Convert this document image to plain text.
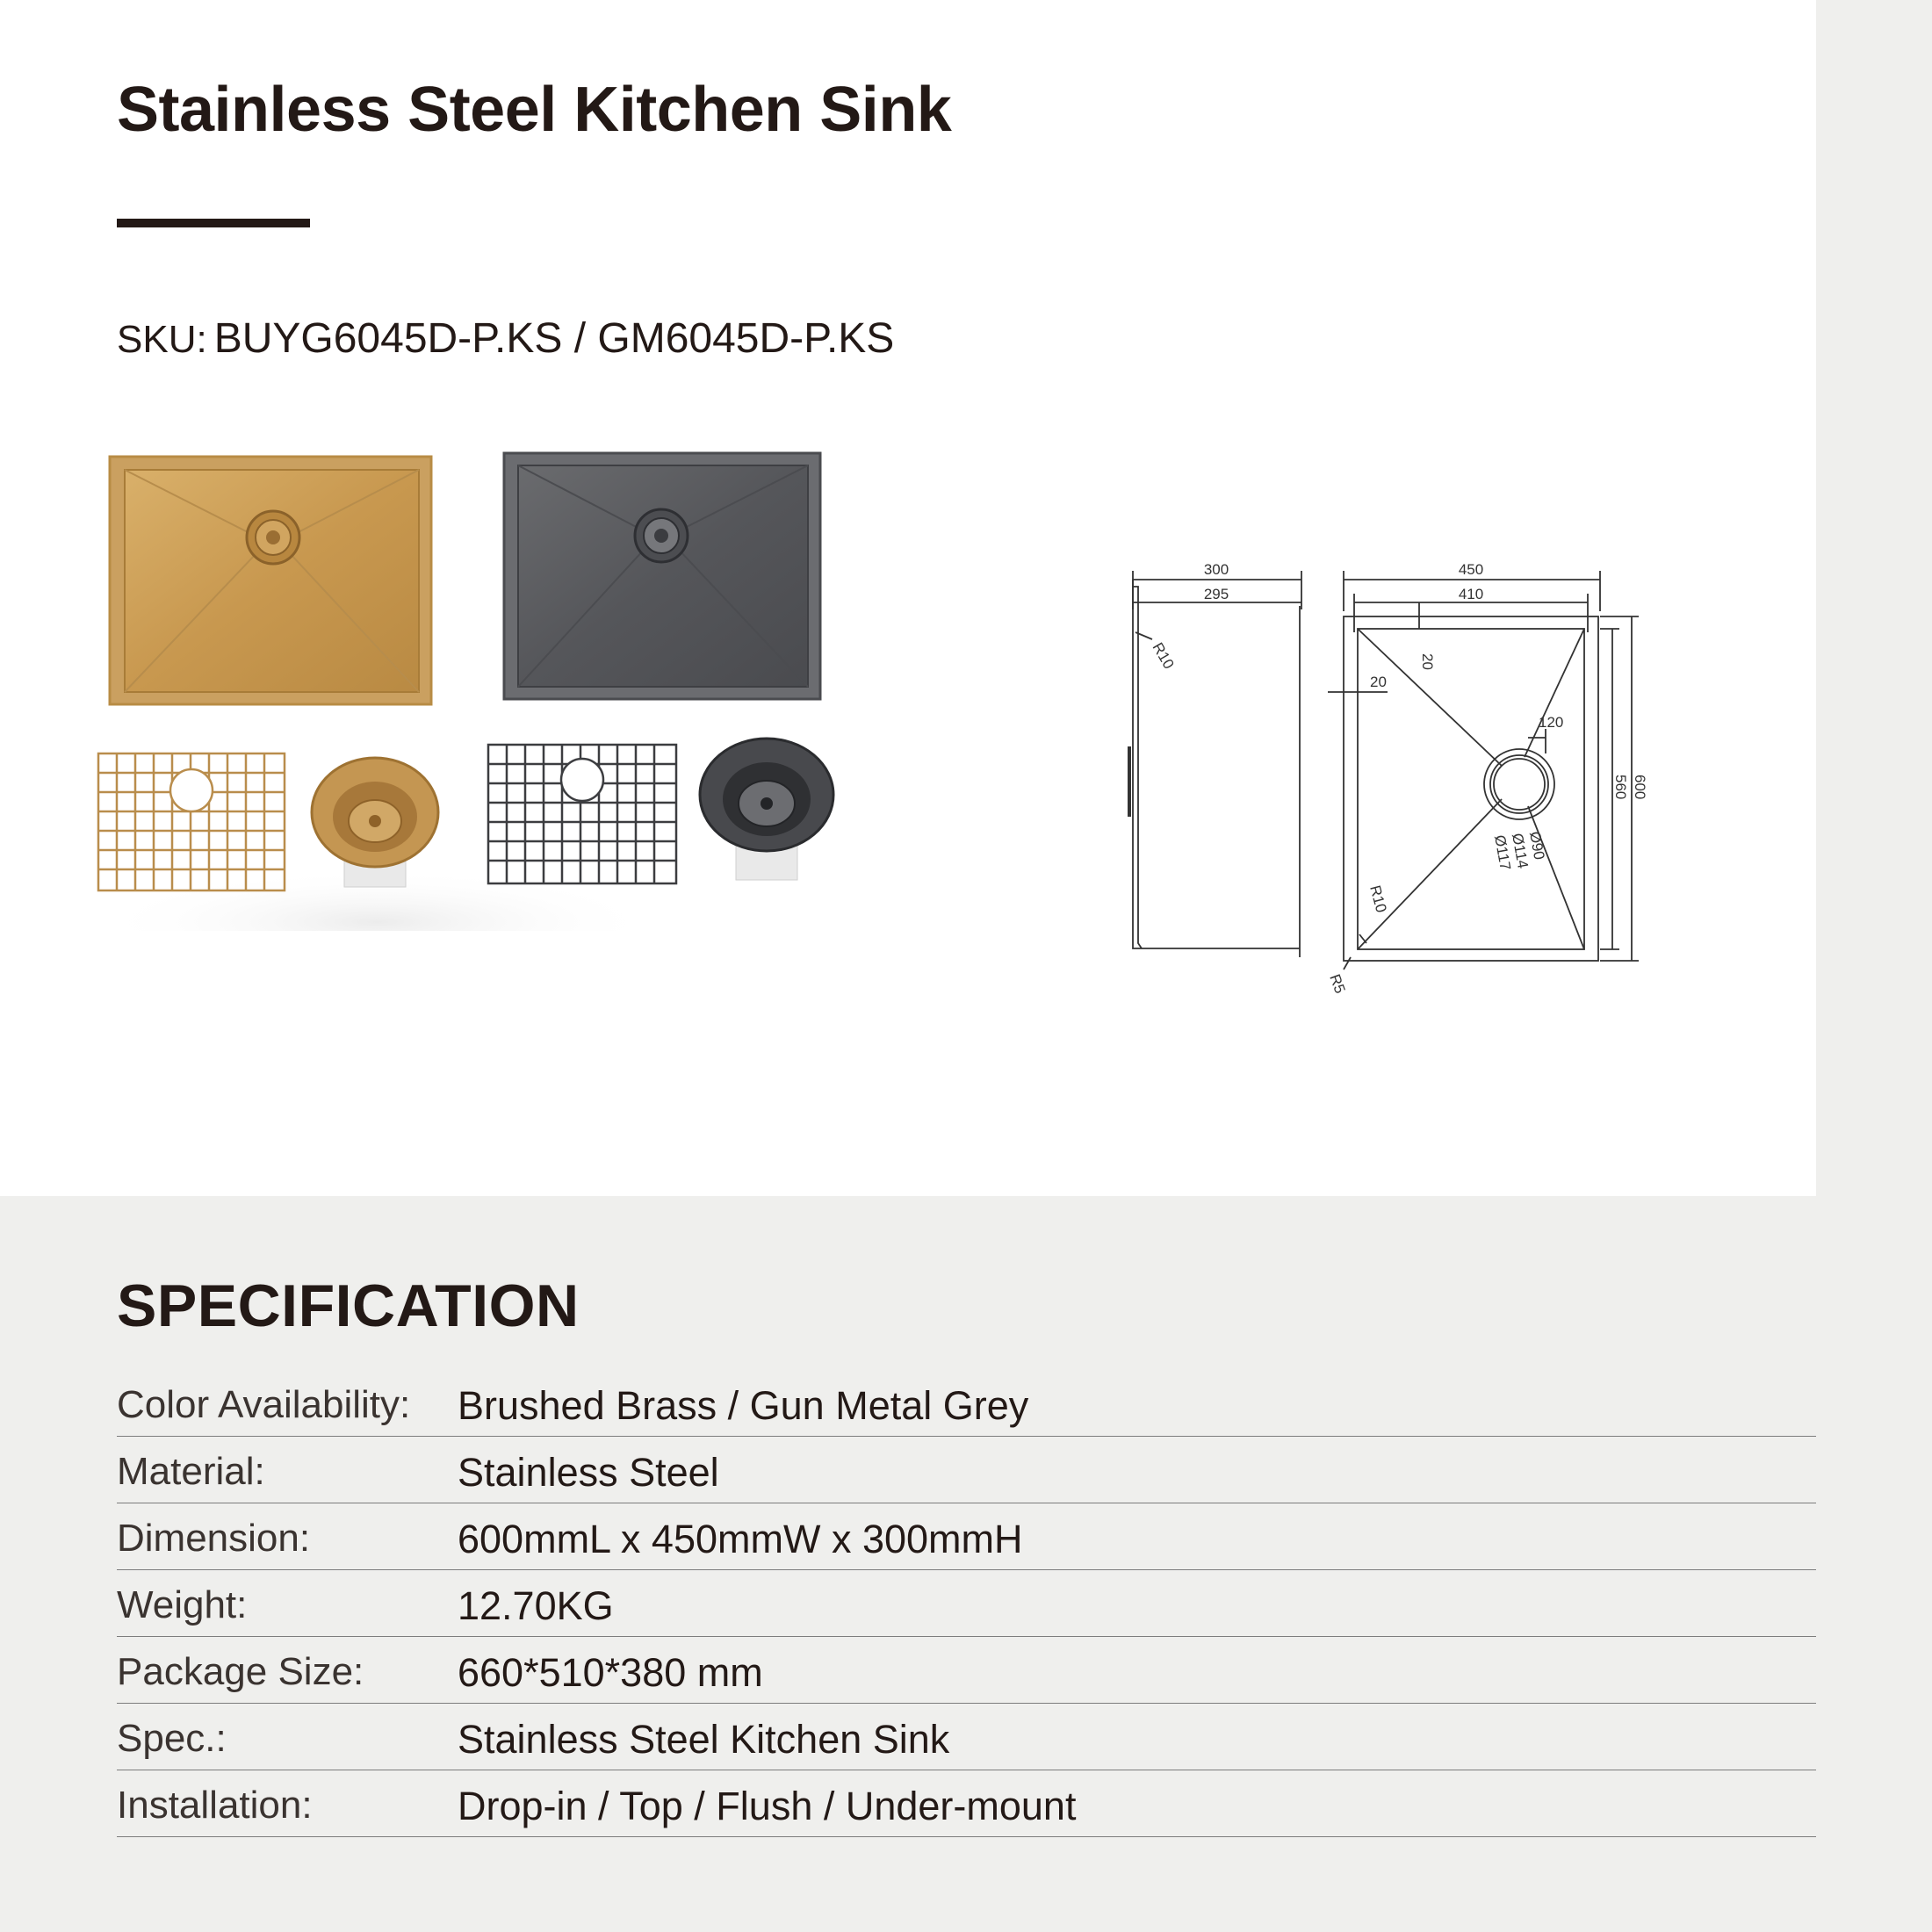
Stainless Steel Kitchen Sink
SKU: BUYG6045D-P.KS / GM6045D-P.KS
300
295
450
410
20
20
120
560 600
R10
R10
R5
Ø90
Ø114
Ø117
SPECIFICATION
Color Availability: Brushed Brass / Gun Metal Grey
Material:	Stainless Steel
Dimension:	600mmL x 450mmW x 300mmH
Weight:	12.70KG
Package Size: 660*510*380 mm
Spec.:	Stainless Steel Kitchen Sink
Installation:	Drop-in / Top / Flush / Under-mount
